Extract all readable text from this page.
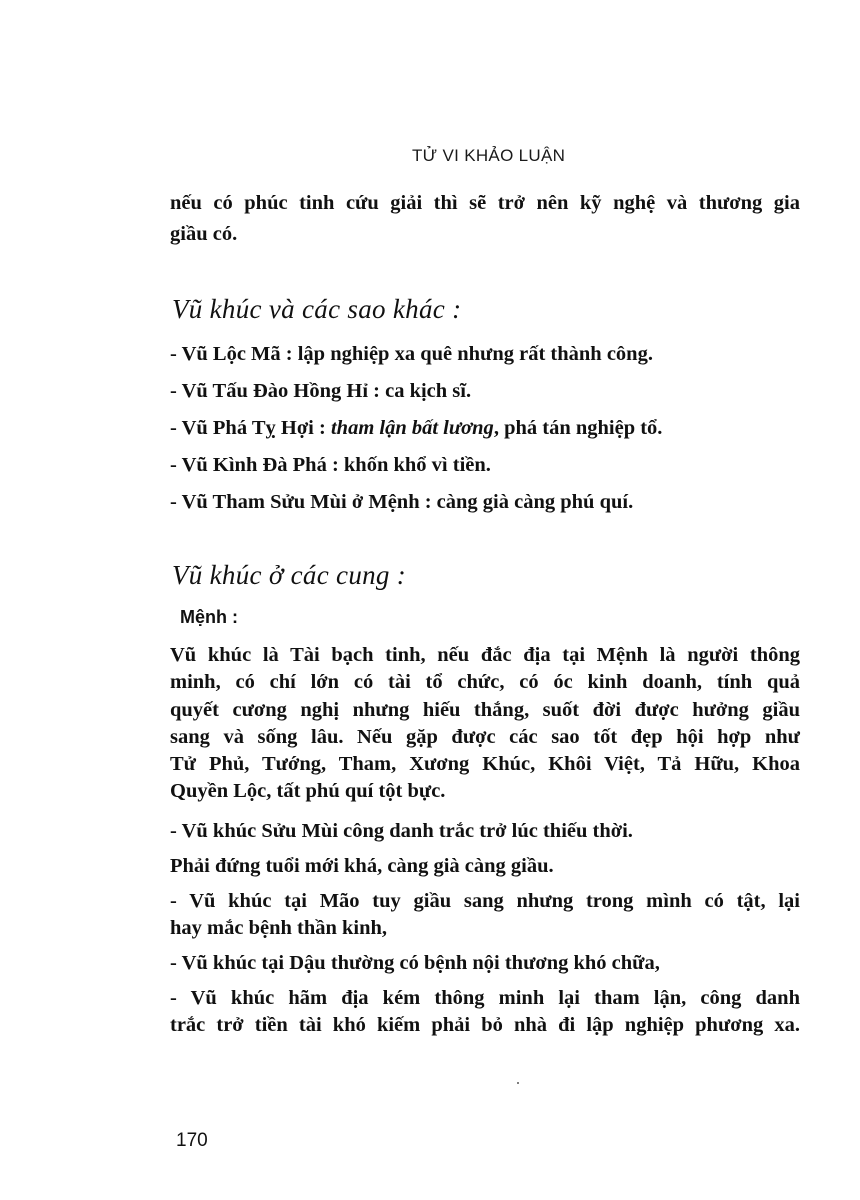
TỬ VI KHẢO LUẬN
nếu có phúc tinh cứu giải thì sẽ trở nên kỹ nghệ và thương gia
giầu có.
Vũ khúc và các sao khác :
- Vũ Lộc Mã : lập nghiệp xa quê nhưng rất thành công.
- Vũ Tấu Đào Hồng Hỉ : ca kịch sĩ.
- Vũ Phá Tỵ Hợi : tham lận bất lương, phá tán nghiệp tổ.
- Vũ Kình Đà Phá : khốn khổ vì tiền.
- Vũ Tham Sửu Mùi ở Mệnh : càng già càng phú quí.
Vũ khúc ở các cung :
Mệnh :
Vũ khúc là Tài bạch tinh, nếu đắc địa tại Mệnh là người thông
minh, có chí lớn có tài tổ chức, có óc kinh doanh, tính quả
quyết cương nghị nhưng hiếu thắng, suốt đời được hưởng giầu
sang và sống lâu. Nếu gặp được các sao tốt đẹp hội hợp như
Tử Phủ, Tướng, Tham, Xương Khúc, Khôi Việt, Tả Hữu, Khoa
Quyền Lộc, tất phú quí tột bực.
- Vũ khúc Sửu Mùi công danh trắc trở lúc thiếu thời.
Phải đứng tuổi mới khá, càng già càng giầu.
- Vũ khúc tại Mão tuy giầu sang nhưng trong mình có tật, lại
hay mắc bệnh thần kinh,
- Vũ khúc tại Dậu thường có bệnh nội thương khó chữa,
- Vũ khúc hãm địa kém thông minh lại tham lận, công danh
trắc trở tiền tài khó kiếm phải bỏ nhà đi lập nghiệp phương xa.
170
